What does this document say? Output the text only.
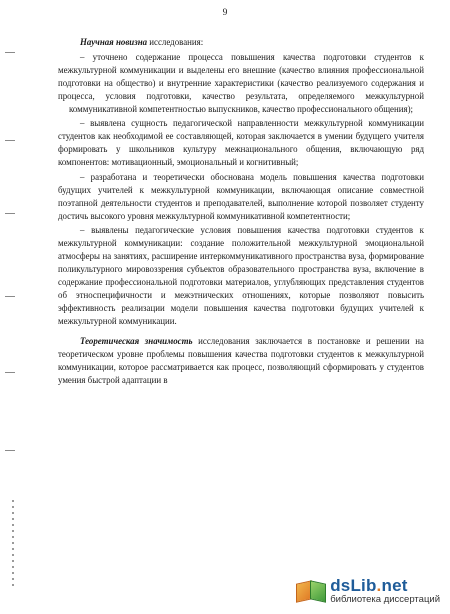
9

Научная новизна исследования:

– уточнено содержание процесса повышения качества подготовки студентов к межкультурной коммуникации и выделены его внешние (качество влияния профессиональной подготовки на общество) и внутренние характеристики (качество реализуемого содержания и процесса, условия подготовки, качество результата, определяемого межкультурной коммуникативной компетентностью выпускников, качество профессионального общения);

– выявлена сущность педагогической направленности межкультурной коммуникации студентов как необходимой ее составляющей, которая заключается в умении будущего учителя формировать у школьников культуру межнационального общения, включающую ряд компонентов: мотивационный, эмоциональный и когнитивный;

– разработана и теоретически обоснована модель повышения качества подготовки будущих учителей к межкультурной коммуникации, включающая описание совместной поэтапной деятельности студентов и преподавателей, выполнение которой позволяет студенту достичь высокого уровня межкультурной коммуникативной компетентности;

– выявлены педагогические условия повышения качества подготовки студентов к межкультурной коммуникации: создание положительной межкультурной эмоциональной атмосферы на занятиях, расширение интеркоммуникативного пространства вуза, формирование поликультурного мировоззрения субъектов образовательного пространства вуза, включение в содержание профессиональной подготовки материалов, углубляющих представления студентов об этноспецифичности и межэтнических отношениях, которые позволяют повысить эффективность реализации модели повышения качества подготовки будущих учителей к межкультурной коммуникации.

Теоретическая значимость исследования заключается в постановке и решении на теоретическом уровне проблемы повышения качества подготовки студентов к межкультурной коммуникации, которое рассматривается как процесс, позволяющий сформировать у студентов умения быстрой адаптации в

dsLib.net
библиотека диссертаций
